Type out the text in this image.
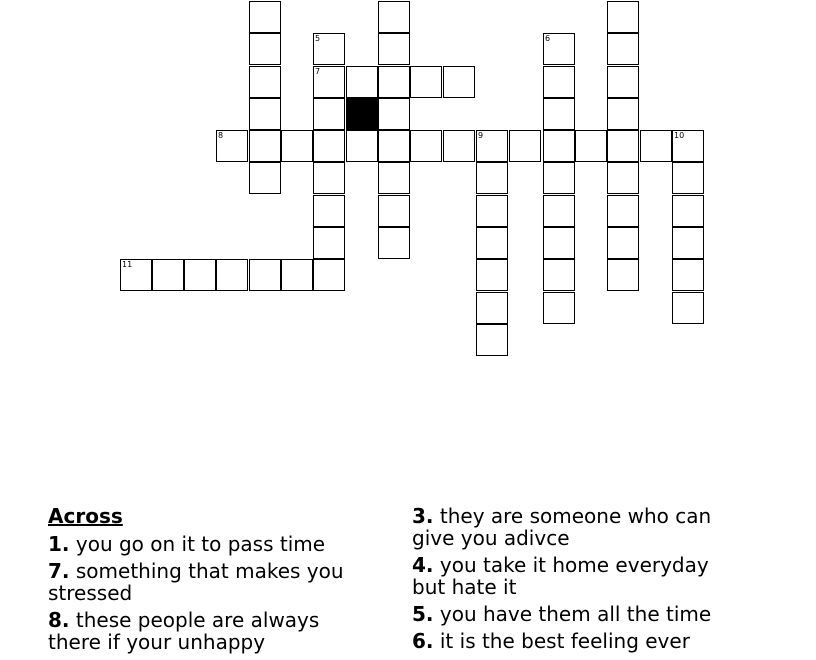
5	6
7
8	9	10
11
Across
1. you go on it to pass time
7. something that makes you stressed
8. these people are always there if your unhappy
3. they are someone who can give you adivce
4. you take it home everyday but hate it
5. you have them all the time
6. it is the best feeling ever
